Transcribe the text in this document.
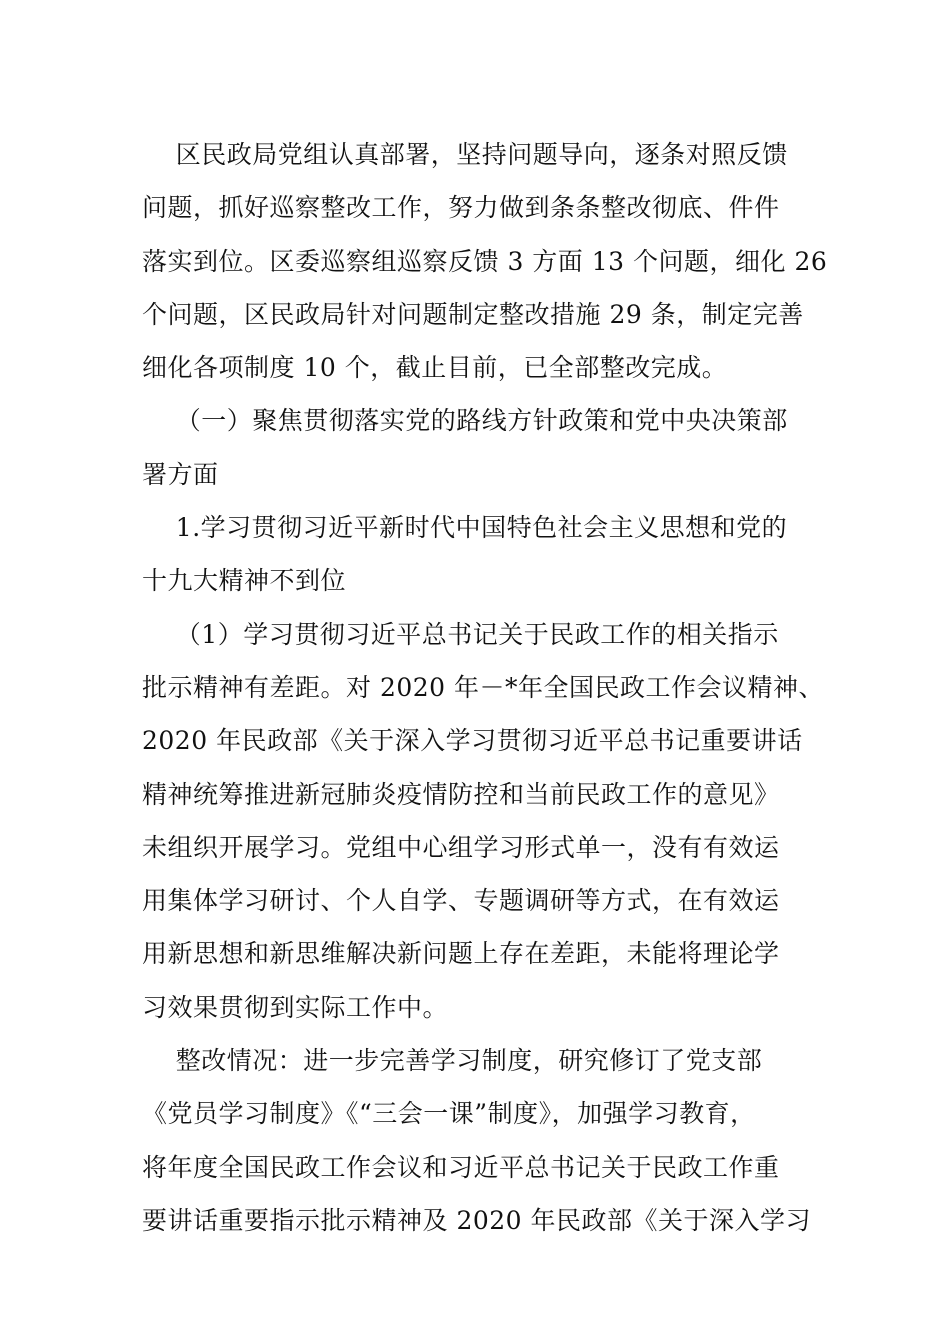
区民政局党组认真部署，坚持问题导向，逐条对照反馈
问题，抓好巡察整改工作，努力做到条条整改彻底、件件
落实到位。区委巡察组巡察反馈 3 方面 13 个问题，细化 26
个问题，区民政局针对问题制定整改措施 29 条，制定完善
细化各项制度 10 个，截止目前，已全部整改完成。
（一）聚焦贯彻落实党的路线方针政策和党中央决策部
署方面
1.学习贯彻习近平新时代中国特色社会主义思想和党的
十九大精神不到位
（1）学习贯彻习近平总书记关于民政工作的相关指示
批示精神有差距。对 2020 年－*年全国民政工作会议精神、
2020 年民政部《关于深入学习贯彻习近平总书记重要讲话
精神统筹推进新冠肺炎疫情防控和当前民政工作的意见》
未组织开展学习。党组中心组学习形式单一，没有有效运
用集体学习研讨、个人自学、专题调研等方式，在有效运
用新思想和新思维解决新问题上存在差距，未能将理论学
习效果贯彻到实际工作中。
整改情况：进一步完善学习制度，研究修订了党支部
《党员学习制度》《“三会一课”制度》，加强学习教育，
将年度全国民政工作会议和习近平总书记关于民政工作重
要讲话重要指示批示精神及 2020 年民政部《关于深入学习
